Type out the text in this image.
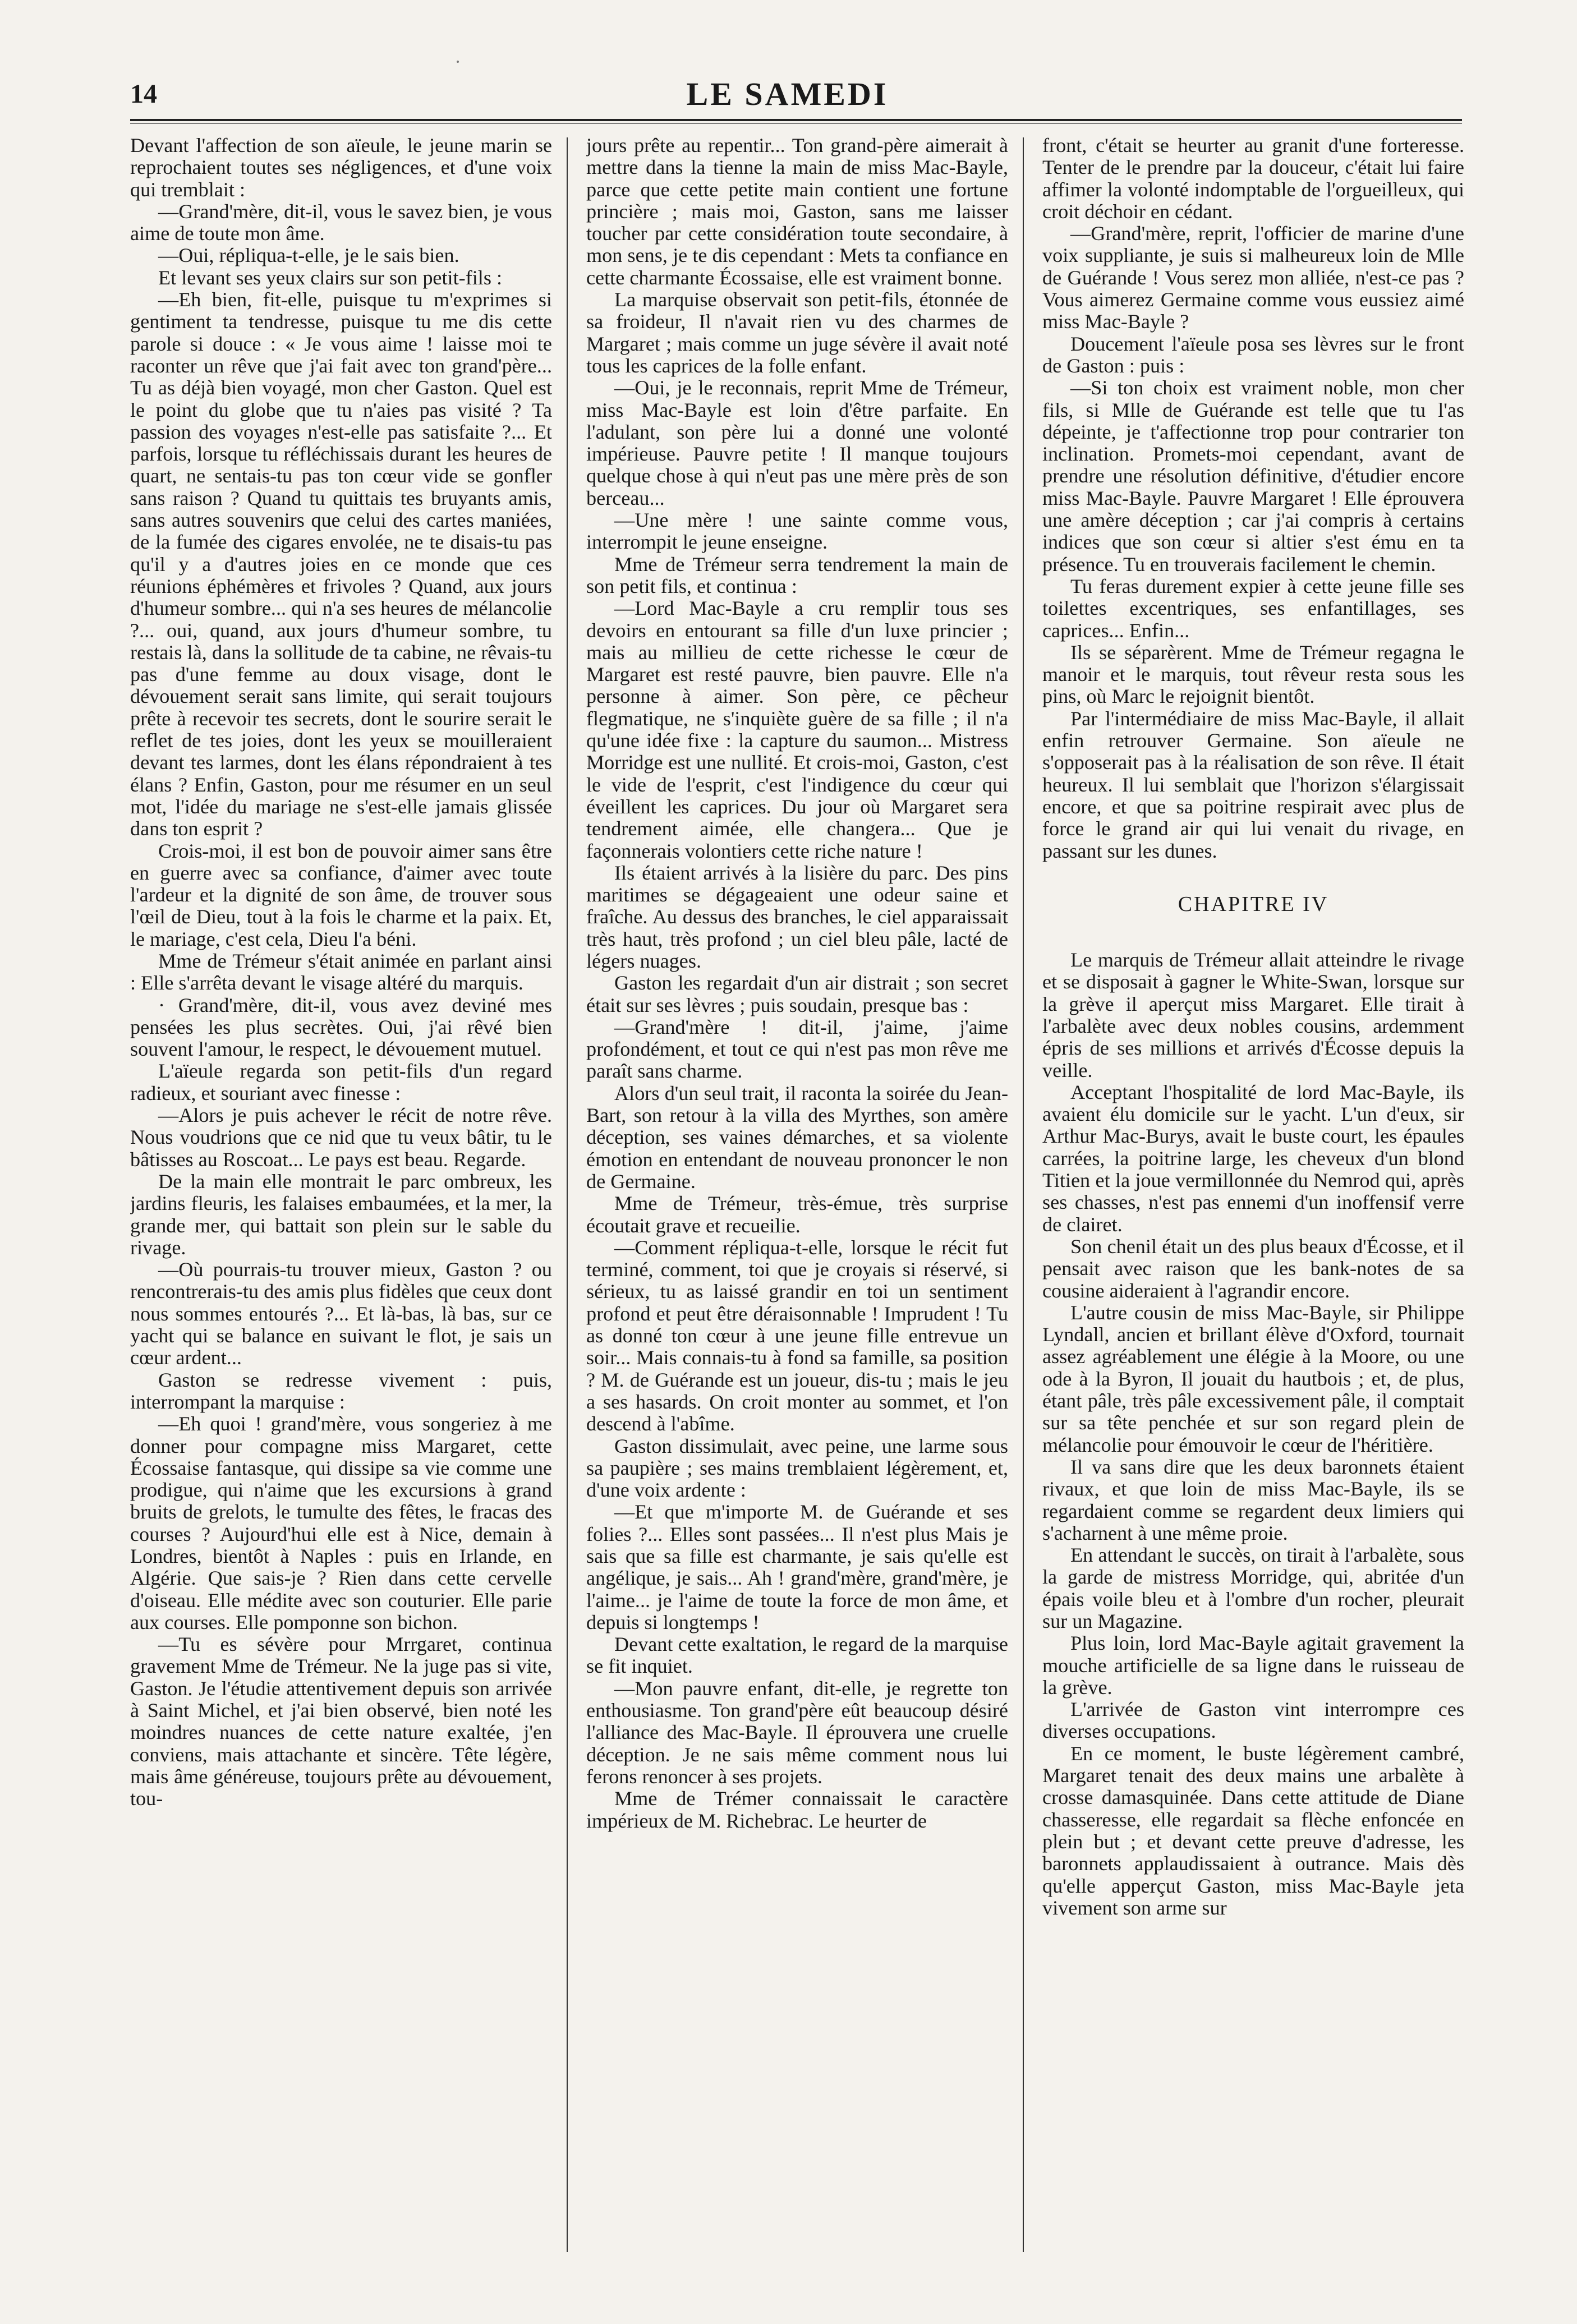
14	LE SAMEDI

Devant l'affection de son aïeule, le jeune marin se reprochaient toutes ses négligences, et d'une voix qui tremblait :

—Grand'mère, dit-il, vous le savez bien, je vous aime de toute mon âme.

—Oui, répliqua-t-elle, je le sais bien.

Et levant ses yeux clairs sur son petit-fils :

—Eh bien, fit-elle, puisque tu m'exprimes si gentiment ta tendresse, puisque tu me dis cette parole si douce : « Je vous aime ! laisse moi te raconter un rêve que j'ai fait avec ton grand'père... Tu as déjà bien voyagé, mon cher Gaston. Quel est le point du globe que tu n'aies pas visité ? Ta passion des voyages n'est-elle pas satisfaite ?... Et parfois, lorsque tu réfléchissais durant les heures de quart, ne sentais-tu pas ton cœur vide se gonfler sans raison ? Quand tu quittais tes bruyants amis, sans autres souvenirs que celui des cartes maniées, de la fumée des cigares envolée, ne te disais-tu pas qu'il y a d'autres joies en ce monde que ces réunions éphémères et frivoles ? Quand, aux jours d'humeur sombre... qui n'a ses heures de mélancolie ?... oui, quand, aux jours d'humeur sombre, tu restais là, dans la sollitude de ta cabine, ne rêvais-tu pas d'une femme au doux visage, dont le dévouement serait sans limite, qui serait toujours prête à recevoir tes secrets, dont le sourire serait le reflet de tes joies, dont les yeux se mouilleraient devant tes larmes, dont les élans répondraient à tes élans ? Enfin, Gaston, pour me résumer en un seul mot, l'idée du mariage ne s'est-elle jamais glissée dans ton esprit ?

Crois-moi, il est bon de pouvoir aimer sans être en guerre avec sa confiance, d'aimer avec toute l'ardeur et la dignité de son âme, de trouver sous l'œil de Dieu, tout à la fois le charme et la paix. Et, le mariage, c'est cela, Dieu l'a béni.

Mme de Trémeur s'était animée en parlant ainsi : Elle s'arrêta devant le visage altéré du marquis.

· Grand'mère, dit-il, vous avez deviné mes pensées les plus secrètes. Oui, j'ai rêvé bien souvent l'amour, le respect, le dévouement mutuel.

L'aïeule regarda son petit-fils d'un regard radieux, et souriant avec finesse :

—Alors je puis achever le récit de notre rêve. Nous voudrions que ce nid que tu veux bâtir, tu le bâtisses au Roscoat... Le pays est beau. Regarde.

De la main elle montrait le parc ombreux, les jardins fleuris, les falaises embaumées, et la mer, la grande mer, qui battait son plein sur le sable du rivage.

—Où pourrais-tu trouver mieux, Gaston ? ou rencontrerais-tu des amis plus fidèles que ceux dont nous sommes entourés ?... Et là-bas, là bas, sur ce yacht qui se balance en suivant le flot, je sais un cœur ardent...

Gaston se redresse vivement : puis, interrompant la marquise :

—Eh quoi ! grand'mère, vous songeriez à me donner pour compagne miss Margaret, cette Écossaise fantasque, qui dissipe sa vie comme une prodigue, qui n'aime que les excursions à grand bruits de grelots, le tumulte des fêtes, le fracas des courses ? Aujourd'hui elle est à Nice, demain à Londres, bientôt à Naples : puis en Irlande, en Algérie. Que sais-je ? Rien dans cette cervelle d'oiseau. Elle médite avec son couturier. Elle parie aux courses. Elle pomponne son bichon.

—Tu es sévère pour Mrrgaret, continua gravement Mme de Trémeur. Ne la juge pas si vite, Gaston. Je l'étudie attentivement depuis son arrivée à Saint Michel, et j'ai bien observé, bien noté les moindres nuances de cette nature exaltée, j'en conviens, mais attachante et sincère. Tête légère, mais âme généreuse, toujours prête au dévouement, tou-

jours prête au repentir... Ton grand-père aimerait à mettre dans la tienne la main de miss Mac-Bayle, parce que cette petite main contient une fortune princière ; mais moi, Gaston, sans me laisser toucher par cette considération toute secondaire, à mon sens, je te dis cependant : Mets ta confiance en cette charmante Écossaise, elle est vraiment bonne.

La marquise observait son petit-fils, étonnée de sa froideur, Il n'avait rien vu des charmes de Margaret ; mais comme un juge sévère il avait noté tous les caprices de la folle enfant.

—Oui, je le reconnais, reprit Mme de Trémeur, miss Mac-Bayle est loin d'être parfaite. En l'adulant, son père lui a donné une volonté impérieuse. Pauvre petite ! Il manque toujours quelque chose à qui n'eut pas une mère près de son berceau...

—Une mère ! une sainte comme vous, interrompit le jeune enseigne.

Mme de Trémeur serra tendrement la main de son petit fils, et continua :

—Lord Mac-Bayle a cru remplir tous ses devoirs en entourant sa fille d'un luxe princier ; mais au millieu de cette richesse le cœur de Margaret est resté pauvre, bien pauvre. Elle n'a personne à aimer. Son père, ce pêcheur flegmatique, ne s'inquiète guère de sa fille ; il n'a qu'une idée fixe : la capture du saumon... Mistress Morridge est une nullité. Et crois-moi, Gaston, c'est le vide de l'esprit, c'est l'indigence du cœur qui éveillent les caprices. Du jour où Margaret sera tendrement aimée, elle changera... Que je façonnerais volontiers cette riche nature !

Ils étaient arrivés à la lisière du parc. Des pins maritimes se dégageaient une odeur saine et fraîche. Au dessus des branches, le ciel apparaissait très haut, très profond ; un ciel bleu pâle, lacté de légers nuages.

Gaston les regardait d'un air distrait ; son secret était sur ses lèvres ; puis soudain, presque bas :

—Grand'mère ! dit-il, j'aime, j'aime profondément, et tout ce qui n'est pas mon rêve me paraît sans charme.

Alors d'un seul trait, il raconta la soirée du Jean-Bart, son retour à la villa des Myrthes, son amère déception, ses vaines démarches, et sa violente émotion en entendant de nouveau prononcer le non de Germaine.

Mme de Trémeur, très-émue, très surprise écoutait grave et recueilie.

—Comment répliqua-t-elle, lorsque le récit fut terminé, comment, toi que je croyais si réservé, si sérieux, tu as laissé grandir en toi un sentiment profond et peut être déraisonnable ! Imprudent ! Tu as donné ton cœur à une jeune fille entrevue un soir... Mais connais-tu à fond sa famille, sa position ? M. de Guérande est un joueur, dis-tu ; mais le jeu a ses hasards. On croit monter au sommet, et l'on descend à l'abîme.

Gaston dissimulait, avec peine, une larme sous sa paupière ; ses mains tremblaient légèrement, et, d'une voix ardente :

—Et que m'importe M. de Guérande et ses folies ?... Elles sont passées... Il n'est plus Mais je sais que sa fille est charmante, je sais qu'elle est angélique, je sais... Ah ! grand'mère, grand'mère, je l'aime... je l'aime de toute la force de mon âme, et depuis si longtemps !

Devant cette exaltation, le regard de la marquise se fit inquiet.

—Mon pauvre enfant, dit-elle, je regrette ton enthousiasme. Ton grand'père eût beaucoup désiré l'alliance des Mac-Bayle. Il éprouvera une cruelle déception. Je ne sais même comment nous lui ferons renoncer à ses projets.

Mme de Trémer connaissait le caractère impérieux de M. Richebrac. Le heurter de

front, c'était se heurter au granit d'une forteresse. Tenter de le prendre par la douceur, c'était lui faire affimer la volonté indomptable de l'orgueilleux, qui croit déchoir en cédant.

—Grand'mère, reprit, l'officier de marine d'une voix suppliante, je suis si malheureux loin de Mlle de Guérande ! Vous serez mon alliée, n'est-ce pas ? Vous aimerez Germaine comme vous eussiez aimé miss Mac-Bayle ?

Doucement l'aïeule posa ses lèvres sur le front de Gaston : puis :

—Si ton choix est vraiment noble, mon cher fils, si Mlle de Guérande est telle que tu l'as dépeinte, je t'affectionne trop pour contrarier ton inclination. Promets-moi cependant, avant de prendre une résolution définitive, d'étudier encore miss Mac-Bayle. Pauvre Margaret ! Elle éprouvera une amère déception ; car j'ai compris à certains indices que son cœur si altier s'est ému en ta présence. Tu en trouverais facilement le chemin.

Tu feras durement expier à cette jeune fille ses toilettes excentriques, ses enfantillages, ses caprices... Enfin...

Ils se séparèrent. Mme de Trémeur regagna le manoir et le marquis, tout rêveur resta sous les pins, où Marc le rejoignit bientôt.

Par l'intermédiaire de miss Mac-Bayle, il allait enfin retrouver Germaine. Son aïeule ne s'opposerait pas à la réalisation de son rêve. Il était heureux. Il lui semblait que l'horizon s'élargissait encore, et que sa poitrine respirait avec plus de force le grand air qui lui venait du rivage, en passant sur les dunes.

CHAPITRE IV

Le marquis de Trémeur allait atteindre le rivage et se disposait à gagner le White-Swan, lorsque sur la grève il aperçut miss Margaret. Elle tirait à l'arbalète avec deux nobles cousins, ardemment épris de ses millions et arrivés d'Écosse depuis la veille.

Acceptant l'hospitalité de lord Mac-Bayle, ils avaient élu domicile sur le yacht. L'un d'eux, sir Arthur Mac-Burys, avait le buste court, les épaules carrées, la poitrine large, les cheveux d'un blond Titien et la joue vermillonnée du Nemrod qui, après ses chasses, n'est pas ennemi d'un inoffensif verre de clairet.

Son chenil était un des plus beaux d'Écosse, et il pensait avec raison que les bank-notes de sa cousine aideraient à l'agrandir encore.

L'autre cousin de miss Mac-Bayle, sir Philippe Lyndall, ancien et brillant élève d'Oxford, tournait assez agréablement une élégie à la Moore, ou une ode à la Byron, Il jouait du hautbois ; et, de plus, étant pâle, très pâle excessivement pâle, il comptait sur sa tête penchée et sur son regard plein de mélancolie pour émouvoir le cœur de l'héritière.

Il va sans dire que les deux baronnets étaient rivaux, et que loin de miss Mac-Bayle, ils se regardaient comme se regardent deux limiers qui s'acharnent à une même proie.

En attendant le succès, on tirait à l'arbalète, sous la garde de mistress Morridge, qui, abritée d'un épais voile bleu et à l'ombre d'un rocher, pleurait sur un Magazine.

Plus loin, lord Mac-Bayle agitait gravement la mouche artificielle de sa ligne dans le ruisseau de la grève.

L'arrivée de Gaston vint interrompre ces diverses occupations.

En ce moment, le buste légèrement cambré, Margaret tenait des deux mains une arbalète à crosse damasquinée. Dans cette attitude de Diane chasseresse, elle regardait sa flèche enfoncée en plein but ; et devant cette preuve d'adresse, les baronnets applaudissaient à outrance. Mais dès qu'elle apperçut Gaston, miss Mac-Bayle jeta vivement son arme sur
